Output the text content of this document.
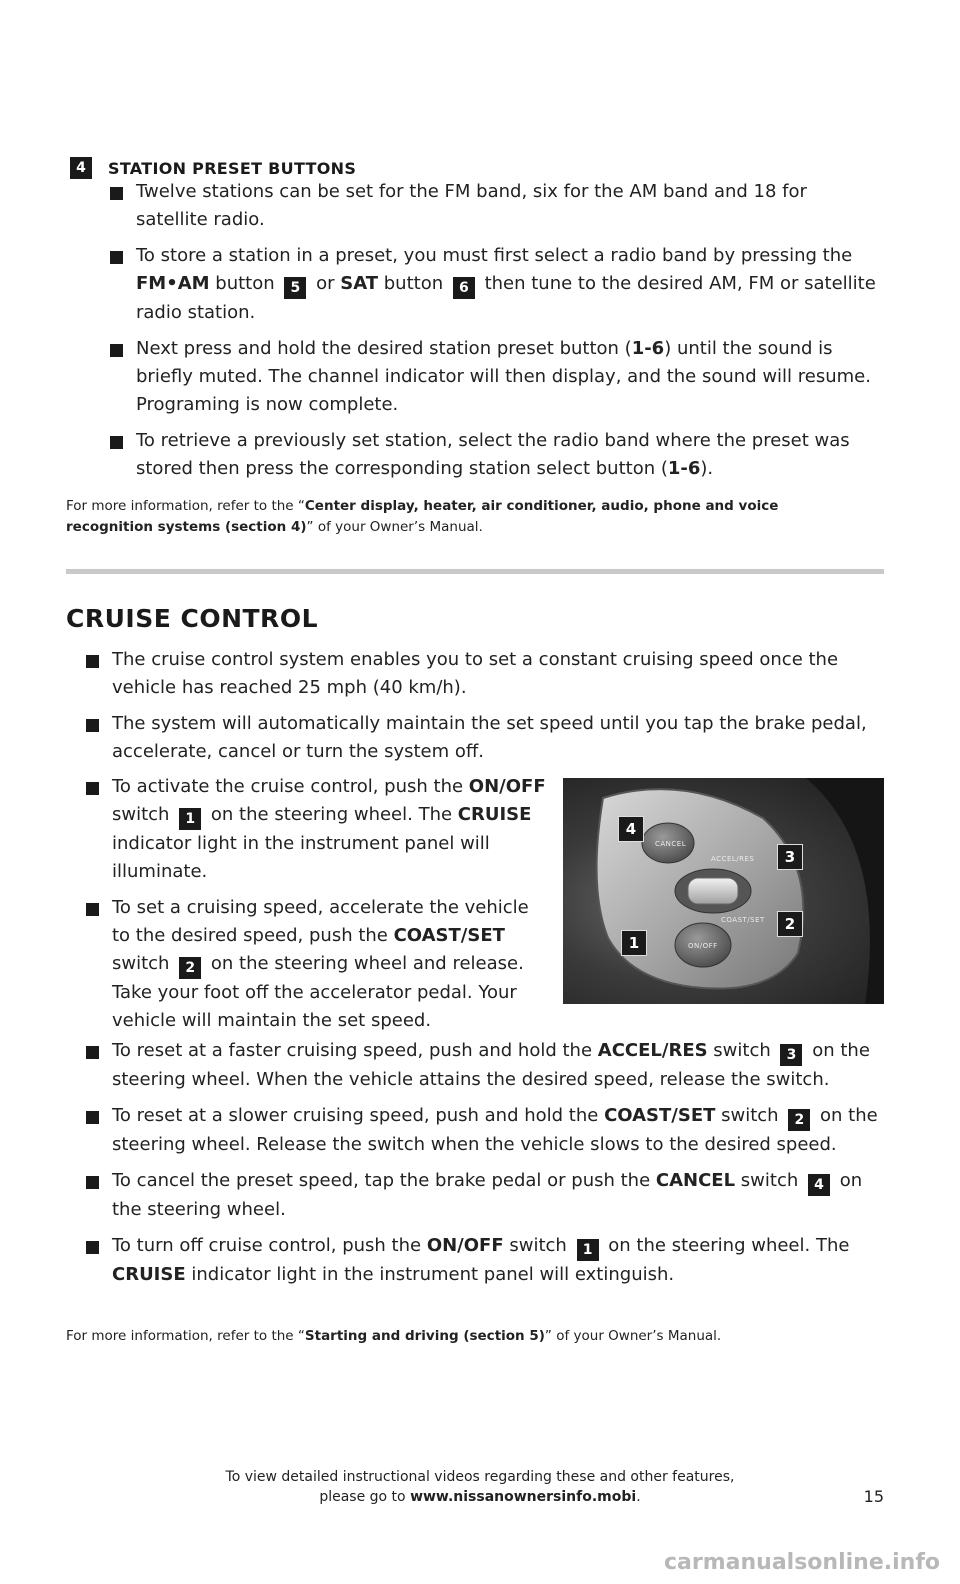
4	STATION PRESET BUTTONS
Twelve stations can be set for the FM band, six for the AM band and 18 for satellite radio.
To store a station in a preset, you must first select a radio band by pressing the FM•AM button 5 or SAT button 6 then tune to the desired AM, FM or satellite radio station.
Next press and hold the desired station preset button (1-6) until the sound is briefly muted. The channel indicator will then display, and the sound will resume. Programing is now complete.
To retrieve a previously set station, select the radio band where the preset was stored then press the corresponding station select button (1-6).
For more information, refer to the “Center display, heater, air conditioner, audio, phone and voice recognition systems (section 4)” of your Owner’s Manual.
CRUISE CONTROL
The cruise control system enables you to set a constant cruising speed once the vehicle has reached 25 mph (40 km/h).
The system will automatically maintain the set speed until you tap the brake pedal, accelerate, cancel or turn the system off.
To activate the cruise control, push the ON/OFF switch 1 on the steering wheel. The CRUISE indicator light in the instrument panel will illuminate.
To set a cruising speed, accelerate the vehicle to the desired speed, push the COAST/SET switch 2 on the steering wheel and release. Take your foot off the accelerator pedal. Your vehicle will maintain the set speed.
To reset at a faster cruising speed, push and hold the ACCEL/RES switch 3 on the steering wheel. When the vehicle attains the desired speed, release the switch.
To reset at a slower cruising speed, push and hold the COAST/SET switch 2 on the steering wheel. Release the switch when the vehicle slows to the desired speed.
To cancel the preset speed, tap the brake pedal or push the CANCEL switch 4 on the steering wheel.
To turn off cruise control, push the ON/OFF switch 1 on the steering wheel. The CRUISE indicator light in the instrument panel will extinguish.
For more information, refer to the “Starting and driving (section 5)” of your Owner’s Manual.
CANCEL
ACCEL/RES
COAST/SET
ON/OFF
4
3
2
1
To view detailed instructional videos regarding these and other features,
please go to www.nissanownersinfo.mobi.	15
carmanualsonline.info
